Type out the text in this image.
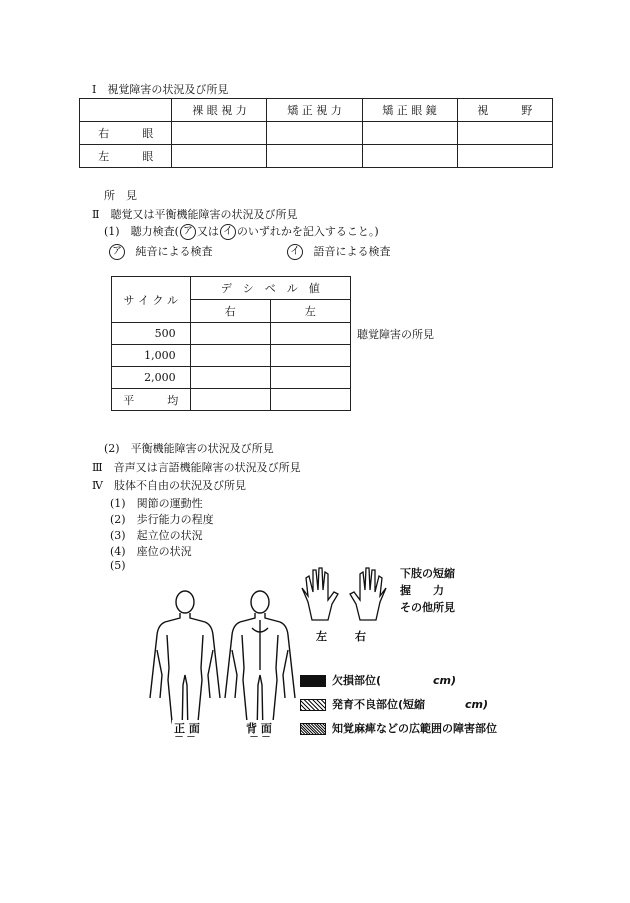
Ⅰ　視覚障害の状況及び所見
	裸 眼 視 力	矯 正 視 力	矯 正 眼 鏡	視　　　野
右　　　眼				
左　　　眼				
所　見
Ⅱ　聴覚又は平衡機能障害の状況及び所見
(1)　聴力検査( ア 又は イ のいずれかを記入すること。)
ア 純音による検査	イ 語音による検査
サ イ ク ル	デ　シ　ベ　ル　値	
	右	左
500		
1,000		
2,000		
平　　　均		
聴覚障害の所見
(2)　平衡機能障害の状況及び所見
Ⅲ　音声又は言語機能障害の状況及び所見
Ⅳ　肢体不自由の状況及び所見
(1)　関節の運動性
(2)　歩行能力の程度
(3)　起立位の状況
(4)　座位の状況
(5)
正 面	背 面
左	右
下肢の短縮
握　　力
その他所見
欠損部位(	cm)
発育不良部位(短縮	cm)
知覚麻痺などの広範囲の障害部位
